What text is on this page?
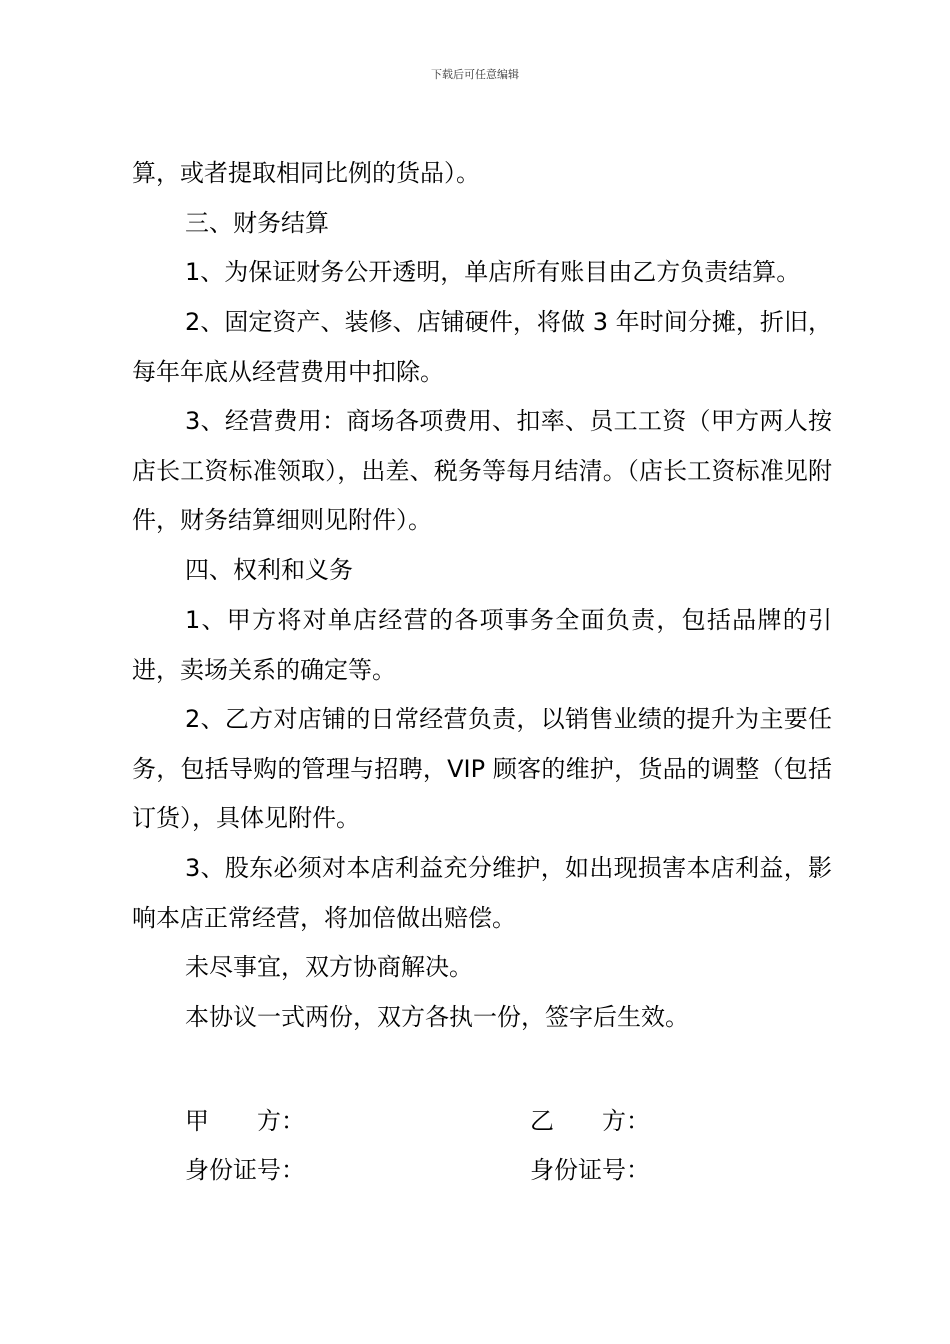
下载后可任意编辑

算，或者提取相同比例的货品）。

三、财务结算

1、为保证财务公开透明，单店所有账目由乙方负责结算。

2、固定资产、装修、店铺硬件，将做 3 年时间分摊，折旧，每年年底从经营费用中扣除。

3、经营费用：商场各项费用、扣率、员工工资（甲方两人按店长工资标准领取），出差、税务等每月结清。（店长工资标准见附件，财务结算细则见附件）。

四、权利和义务

1、甲方将对单店经营的各项事务全面负责，包括品牌的引进，卖场关系的确定等。

2、乙方对店铺的日常经营负责，以销售业绩的提升为主要任务，包括导购的管理与招聘，VIP 顾客的维护，货品的调整（包括订货），具体见附件。

3、股东必须对本店利益充分维护，如出现损害本店利益，影响本店正常经营，将加倍做出赔偿。

未尽事宜，双方协商解决。

本协议一式两份，双方各执一份，签字后生效。

甲　　方：	乙　　方：
身份证号：	身份证号：
